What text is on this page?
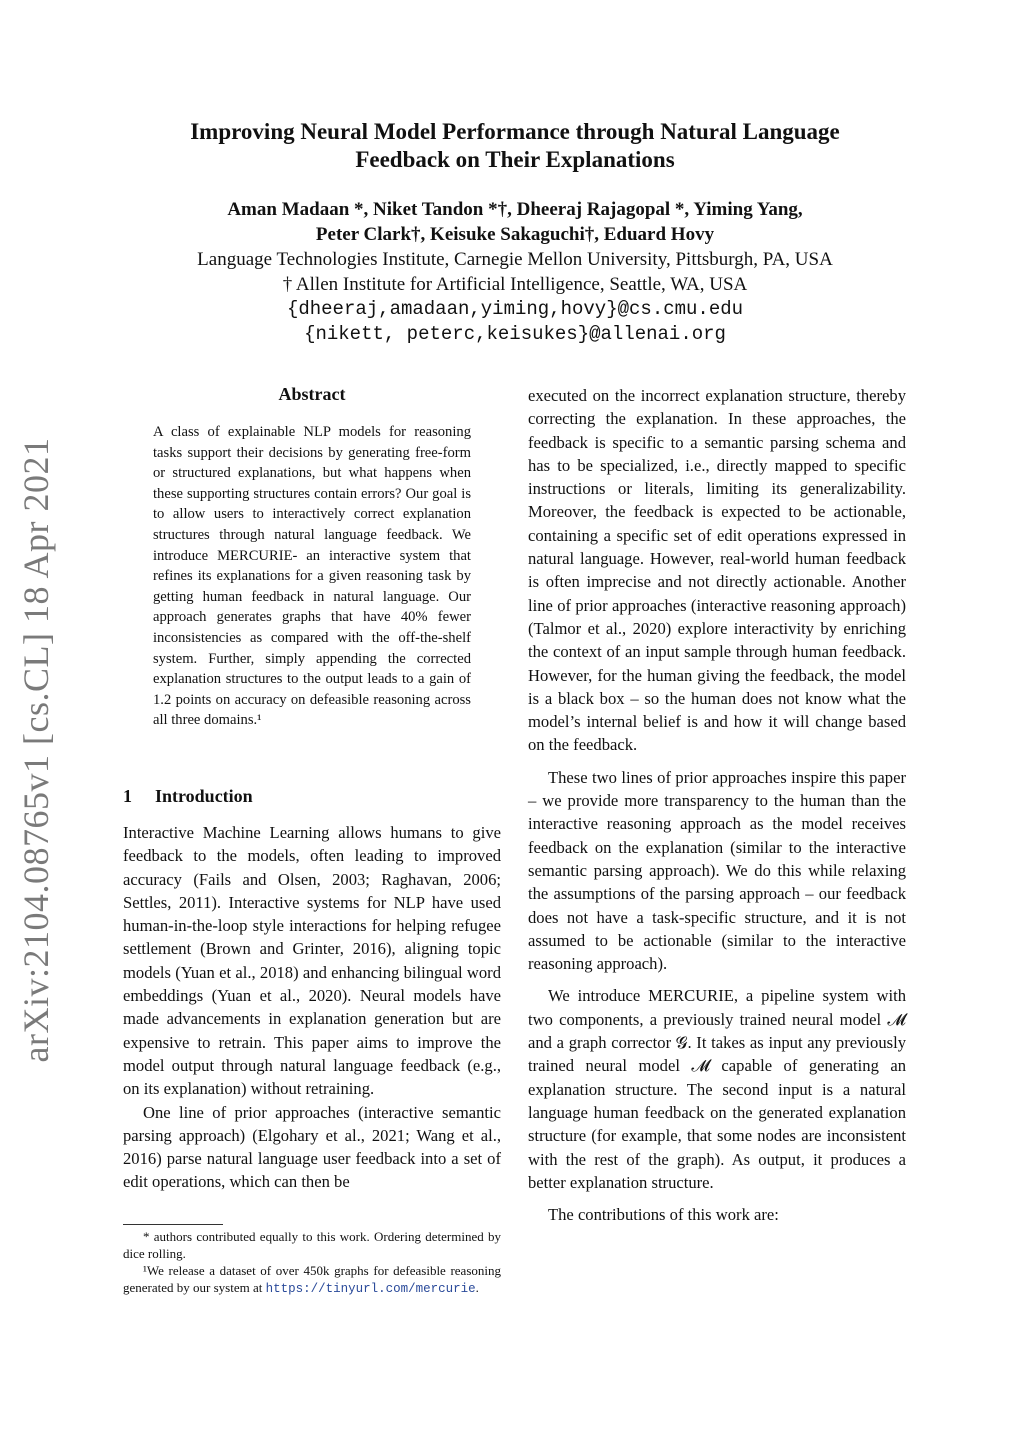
arXiv:2104.08765v1 [cs.CL] 18 Apr 2021
Improving Neural Model Performance through Natural Language
Feedback on Their Explanations
Aman Madaan *, Niket Tandon *†, Dheeraj Rajagopal *, Yiming Yang,
Peter Clark†, Keisuke Sakaguchi†, Eduard Hovy
Language Technologies Institute, Carnegie Mellon University, Pittsburgh, PA, USA
† Allen Institute for Artificial Intelligence, Seattle, WA, USA
{dheeraj,amadaan,yiming,hovy}@cs.cmu.edu
{nikett, peterc,keisukes}@allenai.org
Abstract
A class of explainable NLP models for reasoning tasks support their decisions by generating free-form or structured explanations, but what happens when these supporting structures contain errors? Our goal is to allow users to interactively correct explanation structures through natural language feedback. We introduce MERCURIE- an interactive system that refines its explanations for a given reasoning task by getting human feedback in natural language. Our approach generates graphs that have 40% fewer inconsistencies as compared with the off-the-shelf system. Further, simply appending the corrected explanation structures to the output leads to a gain of 1.2 points on accuracy on defeasible reasoning across all three domains.¹
1 Introduction

Interactive Machine Learning allows humans to give feedback to the models, often leading to improved accuracy (Fails and Olsen, 2003; Raghavan, 2006; Settles, 2011). Interactive systems for NLP have used human-in-the-loop style interactions for helping refugee settlement (Brown and Grinter, 2016), aligning topic models (Yuan et al., 2018) and enhancing bilingual word embeddings (Yuan et al., 2020). Neural models have made advancements in explanation generation but are expensive to retrain. This paper aims to improve the model output through natural language feedback (e.g., on its explanation) without retraining.

One line of prior approaches (interactive semantic parsing approach) (Elgohary et al., 2021; Wang et al., 2016) parse natural language user feedback into a set of edit operations, which can then be

* authors contributed equally to this work. Ordering determined by dice rolling.

¹We release a dataset of over 450k graphs for defeasible reasoning generated by our system at https://tinyurl.com/mercurie.

executed on the incorrect explanation structure, thereby correcting the explanation. In these approaches, the feedback is specific to a semantic parsing schema and has to be specialized, i.e., directly mapped to specific instructions or literals, limiting its generalizability. Moreover, the feedback is expected to be actionable, containing a specific set of edit operations expressed in natural language. However, real-world human feedback is often imprecise and not directly actionable. Another line of prior approaches (interactive reasoning approach) (Talmor et al., 2020) explore interactivity by enriching the context of an input sample through human feedback. However, for the human giving the feedback, the model is a black box – so the human does not know what the model’s internal belief is and how it will change based on the feedback.

These two lines of prior approaches inspire this paper – we provide more transparency to the human than the interactive reasoning approach as the model receives feedback on the explanation (similar to the interactive semantic parsing approach). We do this while relaxing the assumptions of the parsing approach – our feedback does not have a task-specific structure, and it is not assumed to be actionable (similar to the interactive reasoning approach).

We introduce MERCURIE, a pipeline system with two components, a previously trained neural model 𝓜 and a graph corrector 𝓖. It takes as input any previously trained neural model 𝓜 capable of generating an explanation structure. The second input is a natural language human feedback on the generated explanation structure (for example, that some nodes are inconsistent with the rest of the graph). As output, it produces a better explanation structure.

The contributions of this work are:
